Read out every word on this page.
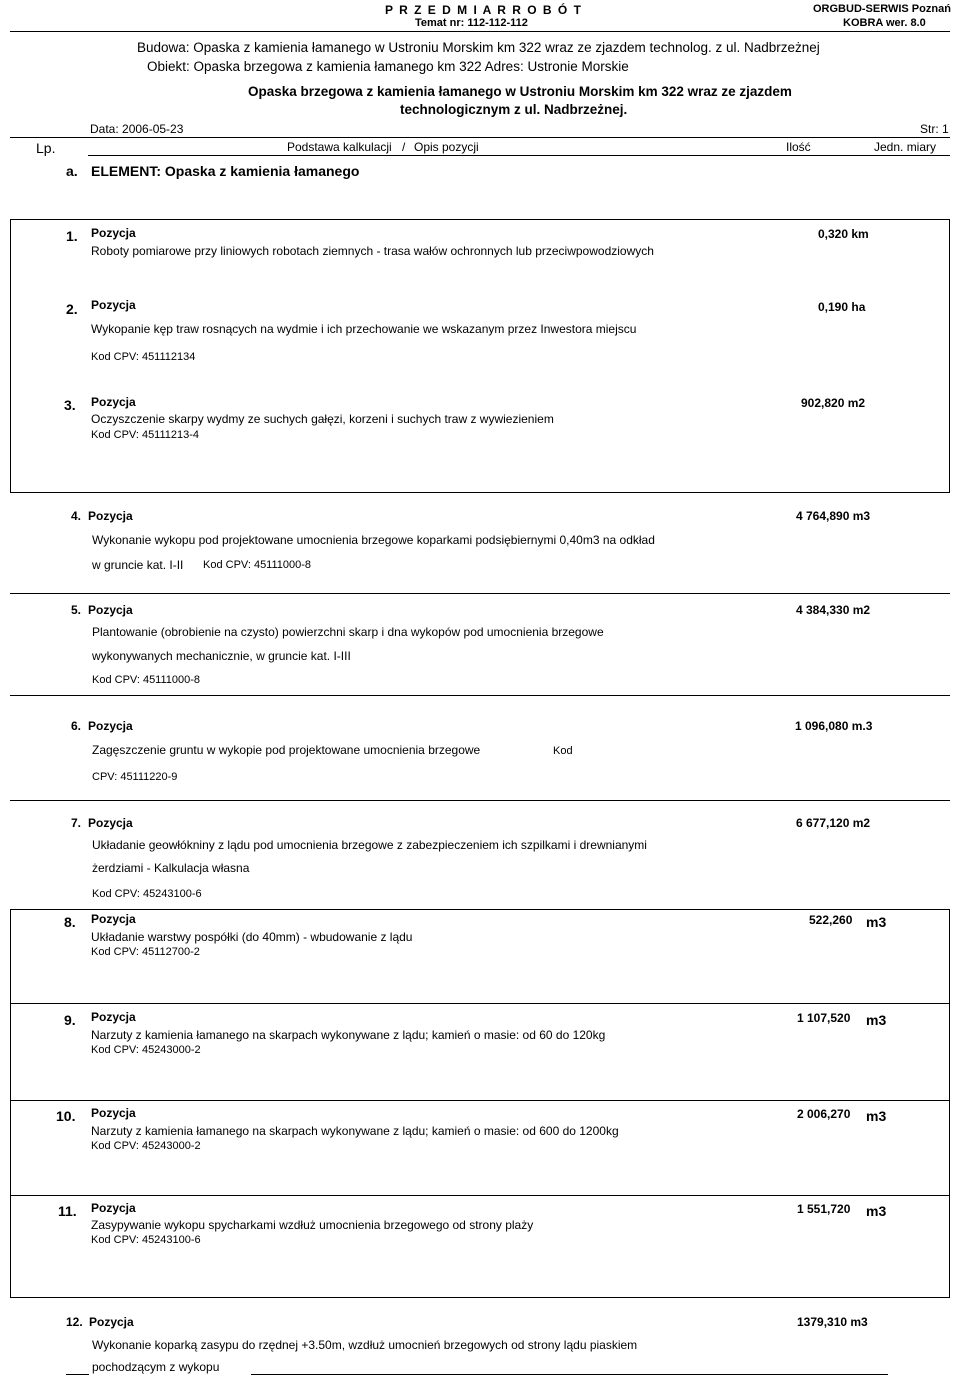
P R Z E D M I A R R O B Ó T
Temat nr: 112-112-112
ORGBUD-SERWIS Poznań
KOBRA wer. 8.0
Budowa: Opaska z kamienia łamanego w Ustroniu Morskim km 322 wraz ze zjazdem technolog. z ul. Nadbrzeżnej
Obiekt: Opaska brzegowa z kamienia łamanego km 322 Adres: Ustronie Morskie
Opaska brzegowa z kamienia łamanego w Ustroniu Morskim km 322 wraz ze zjazdem
technologicznym z ul. Nadbrzeżnej.
Data: 2006-05-23	Str: 1
Lp.	Podstawa kalkulacji / Opis pozycji	Ilość	Jedn. miary
a. ELEMENT: Opaska z kamienia łamanego
1. Pozycja	0,320 km
Roboty pomiarowe przy liniowych robotach ziemnych - trasa wałów ochronnych lub przeciwpowodziowych
2. Pozycja	0,190 ha
Wykopanie kęp traw rosnących na wydmie i ich przechowanie we wskazanym przez Inwestora miejscu
Kod CPV: 451112134
3. Pozycja	902,820 m2
Oczyszczenie skarpy wydmy ze suchych gałęzi, korzeni i suchych traw z wywiezieniem
Kod CPV: 45111213-4
4. Pozycja	4 764,890 m3
Wykonanie wykopu pod projektowane umocnienia brzegowe koparkami podsiębiernymi 0,40m3 na odkład
w gruncie kat. I-II Kod CPV: 45111000-8
5. Pozycja	4 384,330 m2
Plantowanie (obrobienie na czysto) powierzchni skarp i dna wykopów pod umocnienia brzegowe
wykonywanych mechanicznie, w gruncie kat. I-III
Kod CPV: 45111000-8
6. Pozycja	1 096,080 m.3
Zagęszczenie gruntu w wykopie pod projektowane umocnienia brzegowe	Kod
CPV: 45111220-9
7. Pozycja	6 677,120 m2
Układanie geowłókniny z lądu pod umocnienia brzegowe z zabezpieczeniem ich szpilkami i drewnianymi
żerdziami - Kalkulacja własna
Kod CPV: 45243100-6
8. Pozycja	522,260 m3
Układanie warstwy pospółki (do 40mm) - wbudowanie z lądu
Kod CPV: 45112700-2
9. Pozycja	1 107,520 m3
Narzuty z kamienia łamanego na skarpach wykonywane z lądu; kamień o masie: od 60 do 120kg
Kod CPV: 45243000-2
10. Pozycja	2 006,270 m3
Narzuty z kamienia łamanego na skarpach wykonywane z lądu; kamień o masie: od 600 do 1200kg
Kod CPV: 45243000-2
11. Pozycja	1 551,720 m3
Zasypywanie wykopu spycharkami wzdłuż umocnienia brzegowego od strony plaży
Kod CPV: 45243100-6
12. Pozycja	1379,310 m3
Wykonanie koparką zasypu do rzędnej +3.50m, wzdłuż umocnień brzegowych od strony lądu piaskiem
pochodzącym z wykopu
